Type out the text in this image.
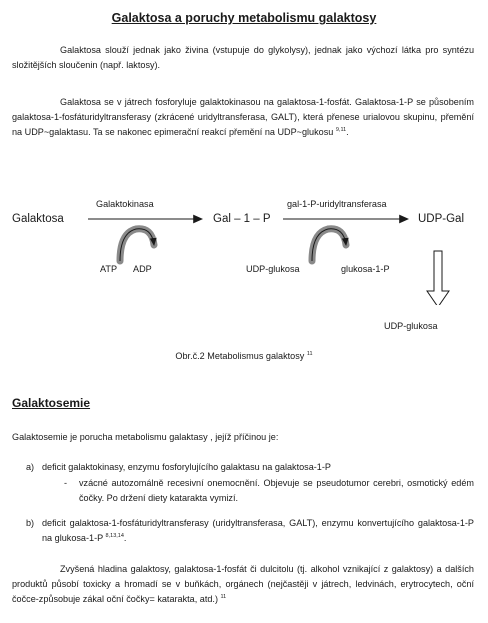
Galaktosa a poruchy metabolismu galaktosy

Galaktosa slouží jednak jako živina (vstupuje do glykolysy), jednak jako výchozí látka pro syntézu složitějších sloučenin (např. laktosy).

Galaktosa se v játrech fosforyluje galaktokinasou na galaktosa-1-fosfát. Galaktosa-1-P se působením galaktosa-1-fosfáturidyltransferasy (zkrácené uridyltransferasa, GALT), která přenese urialovou skupinu, přemění na UDP~galaktasu. Ta se nakonec epimerační reakcí přemění na UDP~glukosu $^{9,11}$.

Galaktokinasa	gal-1-P-uridyltransferasa
Galaktosa	Gal – 1 – P	UDP-Gal
ATP ADP	UDP-glukosa	glukosa-1-P
UDP-glukosa
Obr.č.2 Metabolismus galaktosy $^{11}$
Galaktosemie

Galaktosemie je porucha metabolismu galaktasy , jejíž příčinou je:

a) deficit galaktokinasy, enzymu fosforylujícího galaktasu na galaktosa-1-P

- vzácné autozomálně recesivní onemocnění. Objevuje se pseudotumor cerebri, osmotický edém čočky. Po držení diety katarakta vymizí.

b) deficit galaktosa-1-fosfáturidyltransferasy (uridyltransferasa, GALT), enzymu konvertujícího galaktosa-1-P na glukosa-1-P $^{8,13,14}$.

Zvyšená hladina galaktosy, galaktosa-1-fosfát či dulcitolu (tj. alkohol vznikající z galaktosy) a dalších produktů působí toxicky a hromadí se v buňkách, orgánech (nejčastěji v játrech, ledvinách, erytrocytech, oční čočce-způsobuje zákal oční čočky= katarakta, atd.) $^{11}$
